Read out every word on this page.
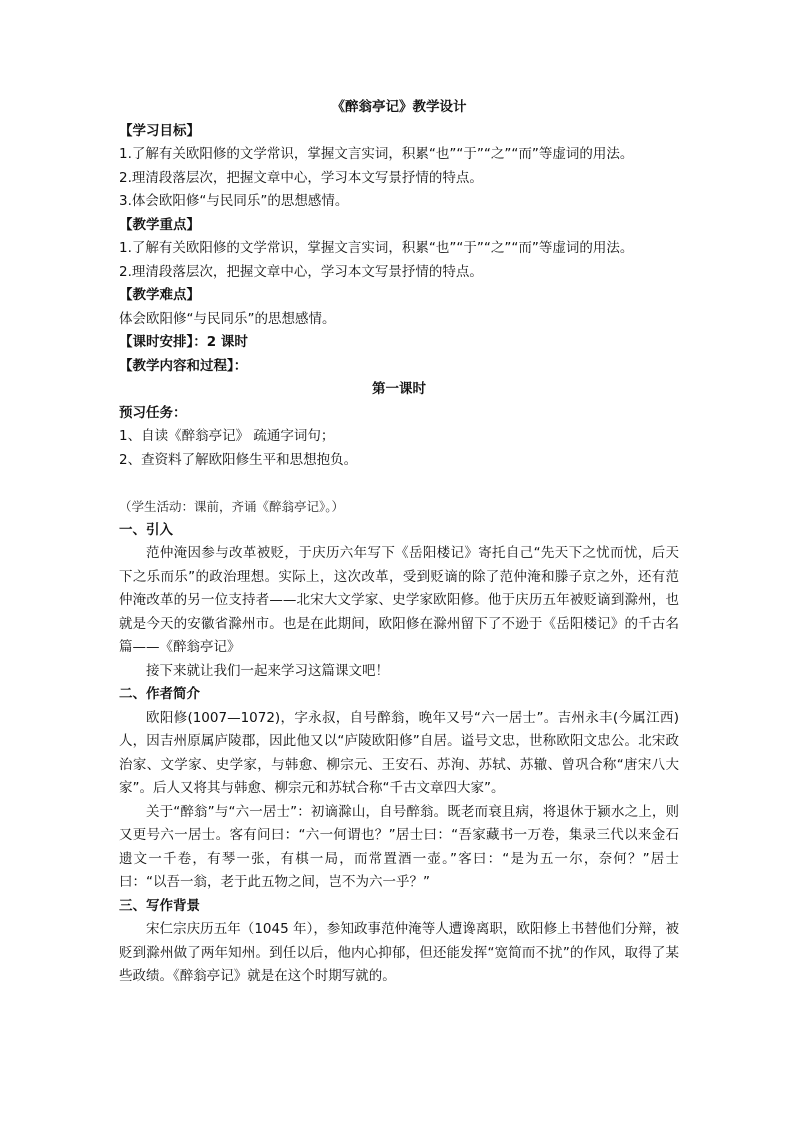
《醉翁亭记》教学设计

【学习目标】

1.了解有关欧阳修的文学常识，掌握文言实词，积累“也”“于”“之”“而”等虚词的用法。

2.理清段落层次，把握文章中心，学习本文写景抒情的特点。

3.体会欧阳修“与民同乐”的思想感情。

【教学重点】

1.了解有关欧阳修的文学常识，掌握文言实词，积累“也”“于”“之”“而”等虚词的用法。

2.理清段落层次，把握文章中心，学习本文写景抒情的特点。

【教学难点】

体会欧阳修“与民同乐”的思想感情。

【课时安排】：2 课时

【教学内容和过程】：

第一课时

预习任务：

1、自读《醉翁亭记》 疏通字词句；

2、查资料了解欧阳修生平和思想抱负。

（学生活动：课前，齐诵《醉翁亭记》。）

一、引入

范仲淹因参与改革被贬，于庆历六年写下《岳阳楼记》寄托自己“先天下之忧而忧，后天下之乐而乐”的政治理想。实际上，这次改革，受到贬谪的除了范仲淹和滕子京之外，还有范仲淹改革的另一位支持者——北宋大文学家、史学家欧阳修。他于庆历五年被贬谪到滁州，也就是今天的安徽省滁州市。也是在此期间，欧阳修在滁州留下了不逊于《岳阳楼记》的千古名篇——《醉翁亭记》

接下来就让我们一起来学习这篇课文吧！

二、作者简介

欧阳修(1007—1072)，字永叔，自号醉翁，晚年又号“六一居士”。吉州永丰(今属江西)人，因吉州原属庐陵郡，因此他又以“庐陵欧阳修”自居。谥号文忠，世称欧阳文忠公。北宋政治家、文学家、史学家，与韩愈、柳宗元、王安石、苏洵、苏轼、苏辙、曾巩合称“唐宋八大家”。后人又将其与韩愈、柳宗元和苏轼合称“千古文章四大家”。

关于“醉翁”与“六一居士”：初谪滁山，自号醉翁。既老而衰且病，将退休于颍水之上，则又更号六一居士。客有问曰：“六一何谓也？”居士曰：“吾家藏书一万卷，集录三代以来金石遗文一千卷，有琴一张，有棋一局，而常置酒一壶。”客曰：“是为五一尔，奈何？”居士曰：“以吾一翁，老于此五物之间，岂不为六一乎？”

三、写作背景

宋仁宗庆历五年（1045 年），参知政事范仲淹等人遭谗离职，欧阳修上书替他们分辩，被贬到滁州做了两年知州。到任以后，他内心抑郁，但还能发挥“宽简而不扰”的作风，取得了某些政绩。《醉翁亭记》就是在这个时期写就的。
